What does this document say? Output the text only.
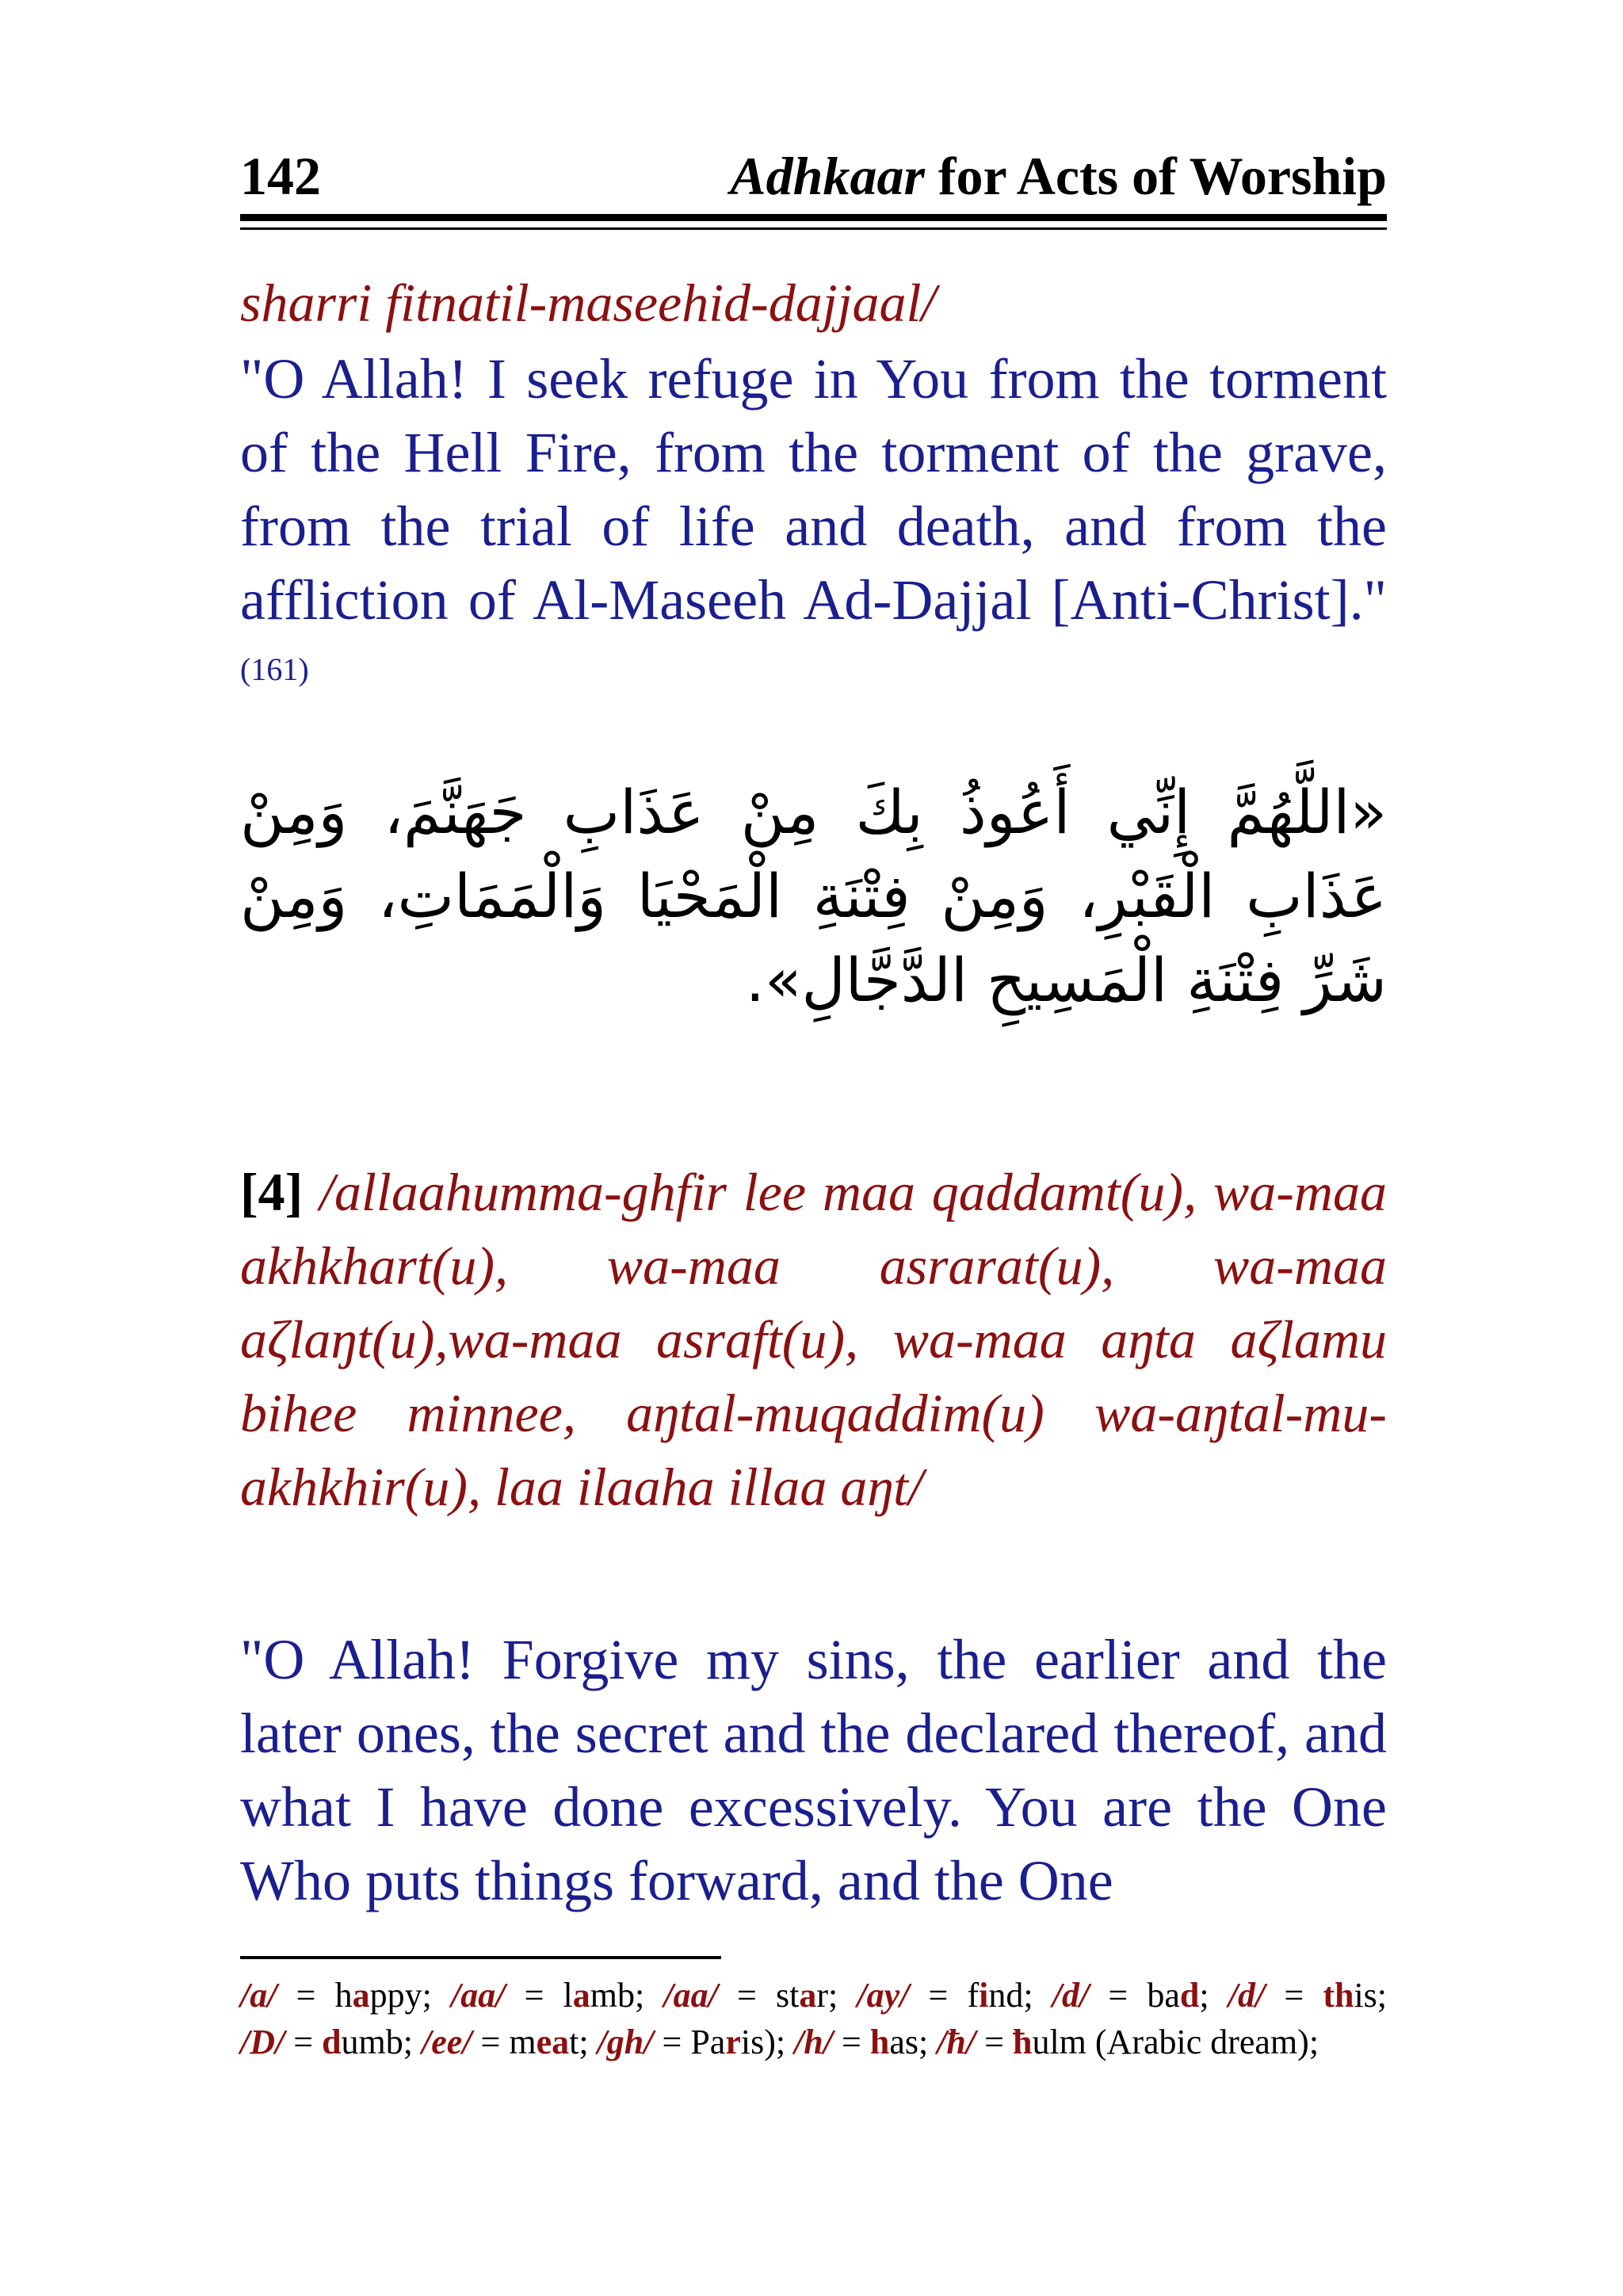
142	Adhkaar for Acts of Worship
sharri fitnatil-maseehid-dajjaal/
"O Allah! I seek refuge in You from the torment of the Hell Fire, from the torment of the grave, from the trial of life and death, and from the affliction of Al-Maseeh Ad-Dajjal [Anti-Christ]."$^{(161)}$
«اللَّهُمَّ إِنِّي أَعُوذُ بِكَ مِنْ عَذَابِ جَهَنَّمَ، وَمِنْ عَذَابِ الْقَبْرِ، وَمِنْ فِتْنَةِ الْمَحْيَا وَالْمَمَاتِ، وَمِنْ شَرِّ فِتْنَةِ الْمَسِيحِ الدَّجَّالِ».
[4] /allaahumma-ghfir lee maa qaddamt(u), wa-maa akhkhart(u), wa-maa asrarat(u), wa-maa aζlaŋt(u),wa-maa asraft(u), wa-maa aŋta aζlamu bihee minnee, aŋtal-muqaddim(u) wa-aŋtal-mu-akhkhir(u), laa ilaaha illaa aŋt/
"O Allah! Forgive my sins, the earlier and the later ones, the secret and the declared thereof, and what I have done excessively. You are the One Who puts things forward, and the One
/a/ = happy; /aa/ = lamb; /aa/ = star; /ay/ = find; /d/ = bad; /d/ = this; /D/ = dumb; /ee/ = meat; /gh/ = Paris); /h/ = has; /ħ/ = ħulm (Arabic dream);
